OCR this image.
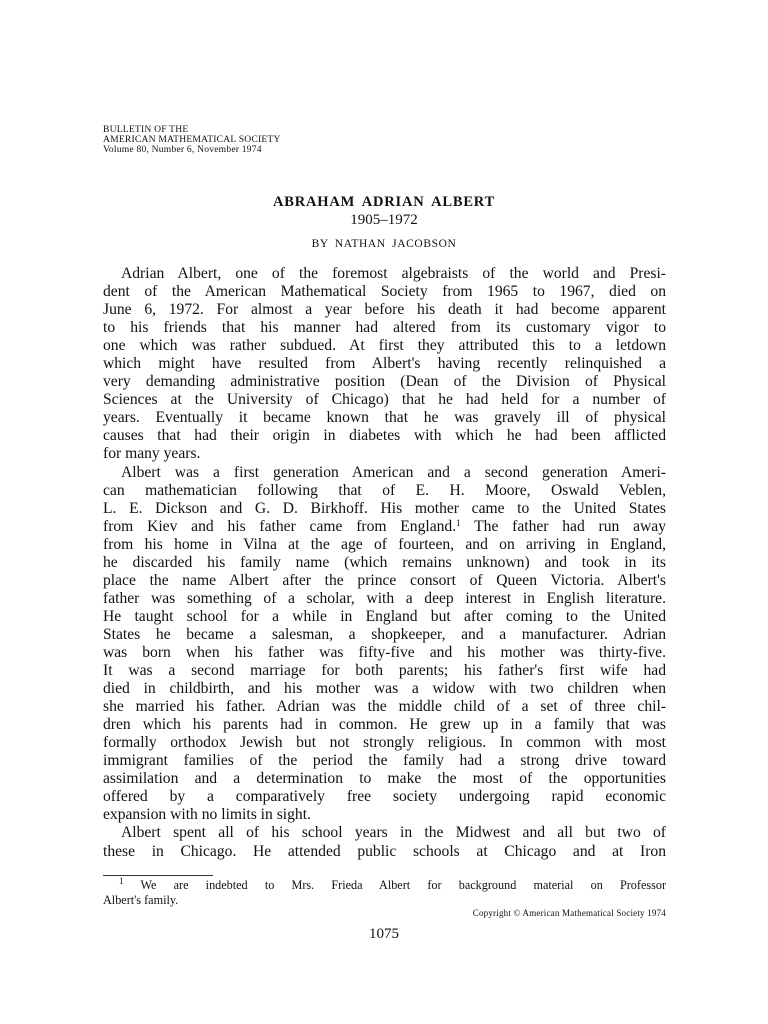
BULLETIN OF THE
AMERICAN MATHEMATICAL SOCIETY
Volume 80, Number 6, November 1974
ABRAHAM ADRIAN ALBERT
1905–1972
BY NATHAN JACOBSON
Adrian Albert, one of the foremost algebraists of the world and Presi-
dent of the American Mathematical Society from 1965 to 1967, died on
June 6, 1972. For almost a year before his death it had become apparent
to his friends that his manner had altered from its customary vigor to
one which was rather subdued. At first they attributed this to a letdown
which might have resulted from Albert's having recently relinquished a
very demanding administrative position (Dean of the Division of Physical
Sciences at the University of Chicago) that he had held for a number of
years. Eventually it became known that he was gravely ill of physical
causes that had their origin in diabetes with which he had been afflicted
for many years.
Albert was a first generation American and a second generation Ameri-
can mathematician following that of E. H. Moore, Oswald Veblen,
L. E. Dickson and G. D. Birkhoff. His mother came to the United States
from Kiev and his father came from England.$^1$ The father had run away
from his home in Vilna at the age of fourteen, and on arriving in England,
he discarded his family name (which remains unknown) and took in its
place the name Albert after the prince consort of Queen Victoria. Albert's
father was something of a scholar, with a deep interest in English literature.
He taught school for a while in England but after coming to the United
States he became a salesman, a shopkeeper, and a manufacturer. Adrian
was born when his father was fifty-five and his mother was thirty-five.
It was a second marriage for both parents; his father's first wife had
died in childbirth, and his mother was a widow with two children when
she married his father. Adrian was the middle child of a set of three chil-
dren which his parents had in common. He grew up in a family that was
formally orthodox Jewish but not strongly religious. In common with most
immigrant families of the period the family had a strong drive toward
assimilation and a determination to make the most of the opportunities
offered by a comparatively free society undergoing rapid economic
expansion with no limits in sight.
Albert spent all of his school years in the Midwest and all but two of
these in Chicago. He attended public schools at Chicago and at Iron
$^1$ We are indebted to Mrs. Frieda Albert for background material on Professor
Albert's family.
Copyright © American Mathematical Society 1974
1075
